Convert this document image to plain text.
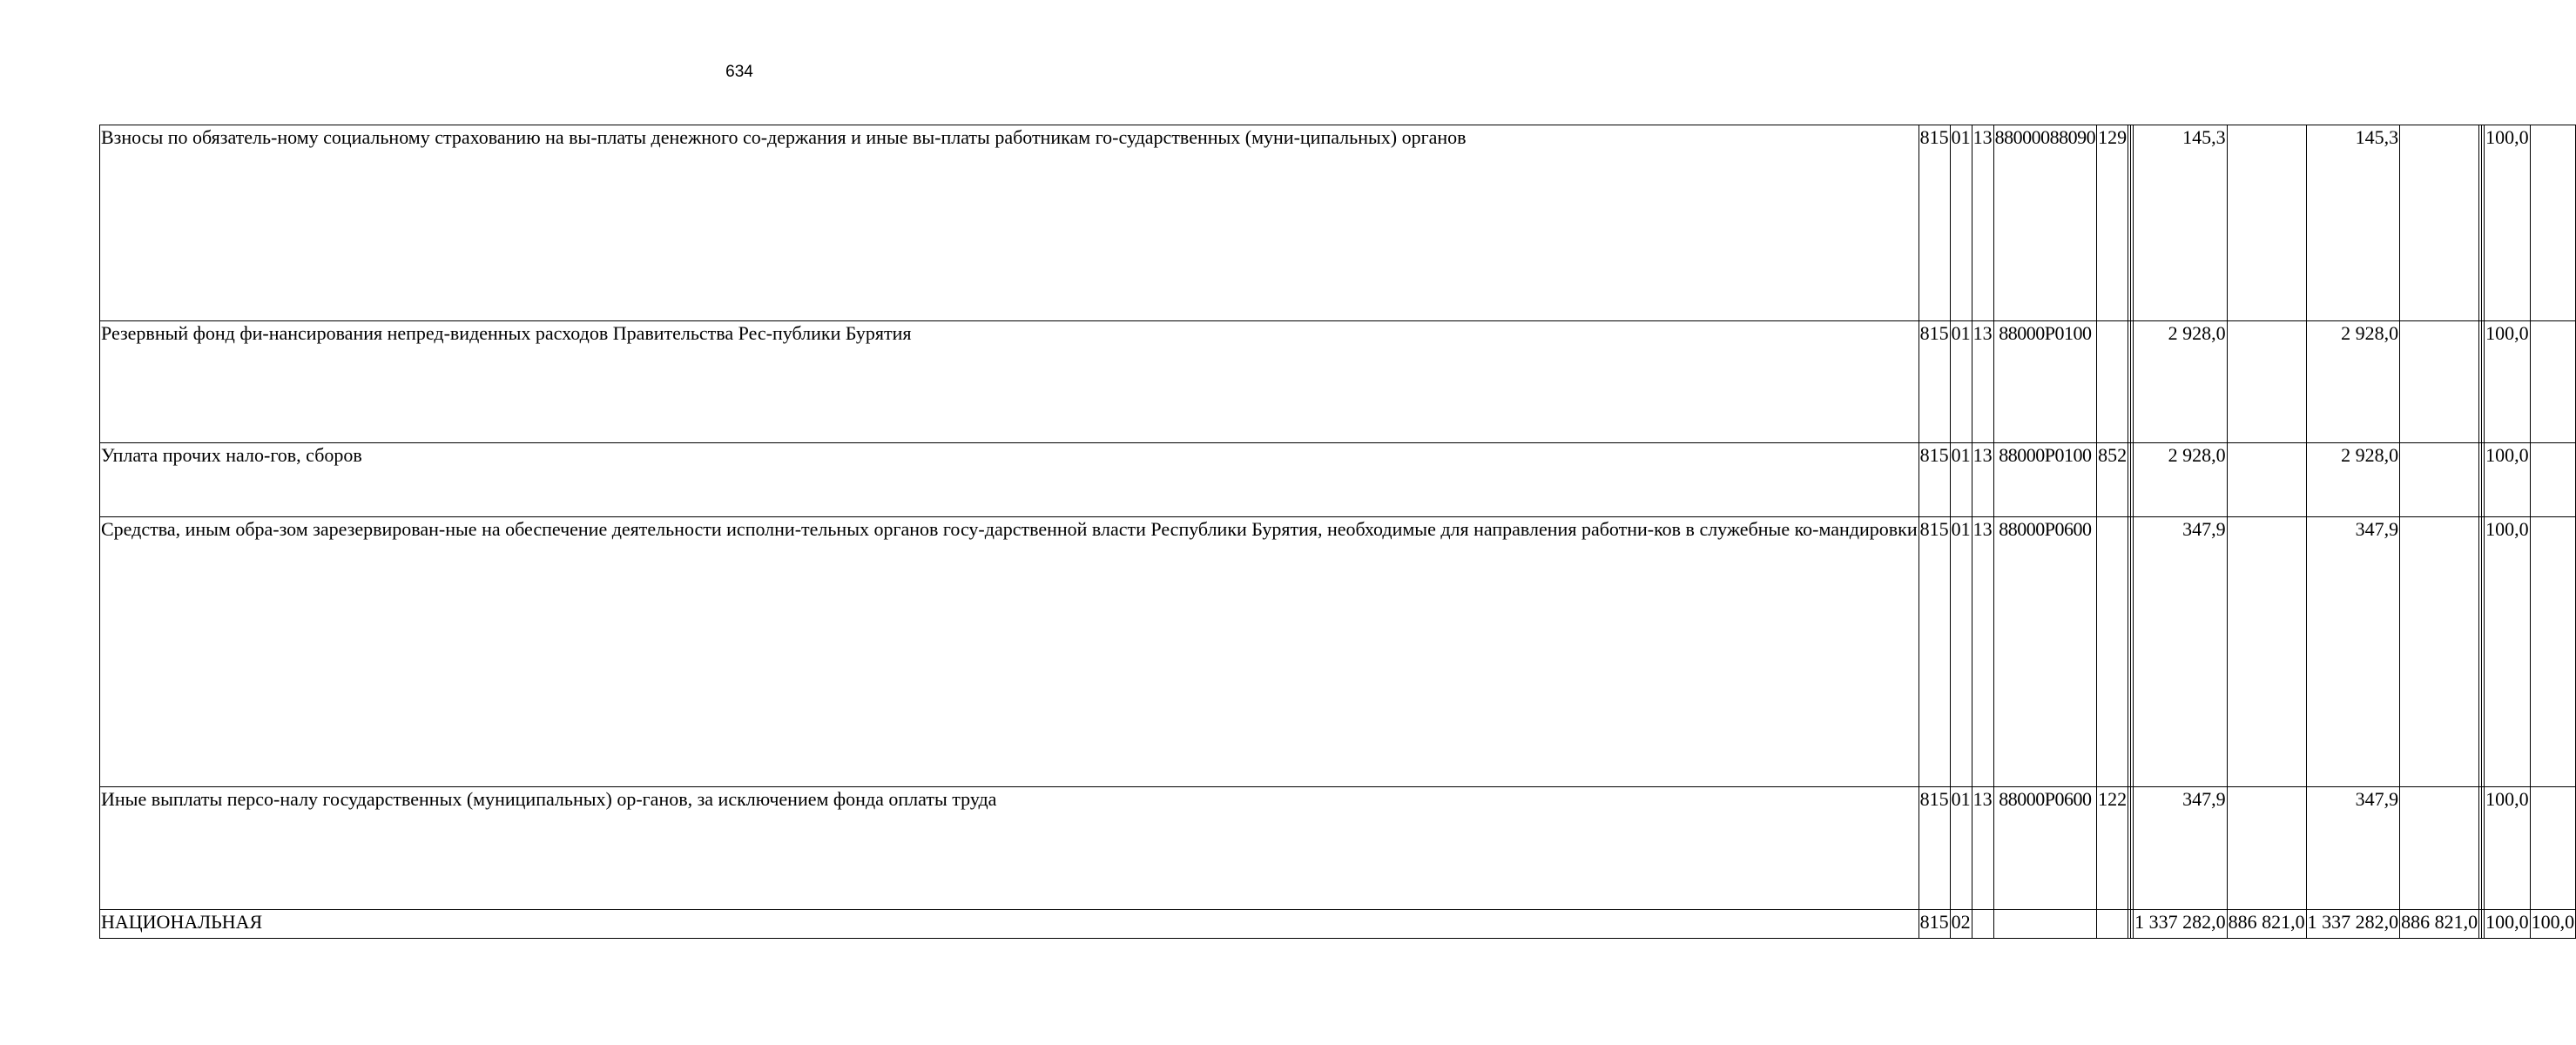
634
Взносы по обязатель-ному социальному страхованию на вы-платы денежного со-держания и иные вы-платы работникам го-сударственных (муни-ципальных) органов	815	01	13	88000088090	129			145,3		145,3				100,0	
Резервный фонд фи-нансирования непред-виденных расходов Правительства Рес-публики Бурятия	815	01	13	88000P0100				2 928,0		2 928,0				100,0	
Уплата прочих нало-гов, сборов	815	01	13	88000P0100	852			2 928,0		2 928,0				100,0	
Средства, иным обра-зом зарезервирован-ные на обеспечение деятельности исполни-тельных органов госу-дарственной власти Республики Бурятия, необходимые для направления работни-ков в служебные ко-мандировки	815	01	13	88000P0600				347,9		347,9				100,0	
Иные выплаты персо-налу государственных (муниципальных) ор-ганов, за исключением фонда оплаты труда	815	01	13	88000P0600	122			347,9		347,9				100,0	
НАЦИОНАЛЬНАЯ	815	02						1 337 282,0	886 821,0	1 337 282,0	886 821,0			100,0	100,0
